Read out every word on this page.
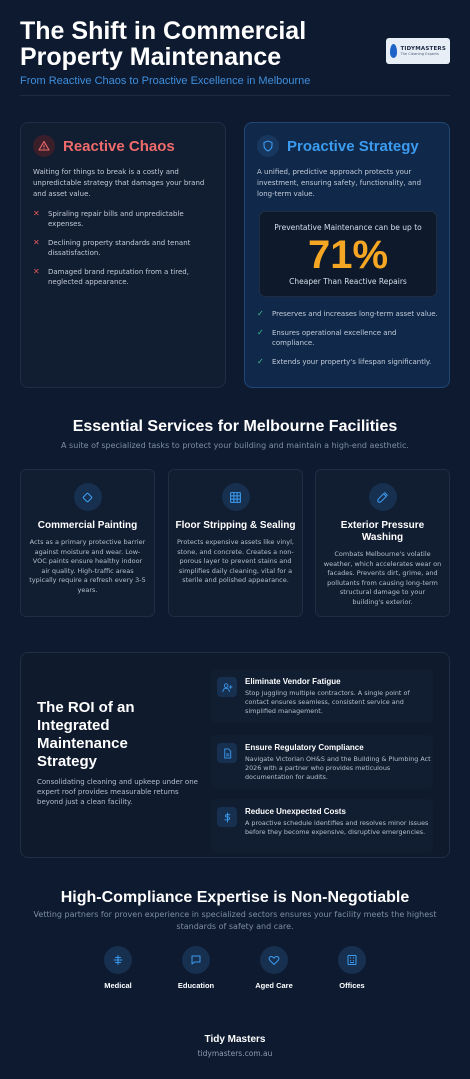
The Shift in Commercial Property Maintenance
From Reactive Chaos to Proactive Excellence in Melbourne
TIDYMASTERS
The Cleaning Experts
Reactive Chaos
Waiting for things to break is a costly and unpredictable strategy that damages your brand and asset value.
✕ Spiraling repair bills and unpredictable expenses.
✕ Declining property standards and tenant dissatisfaction.
✕ Damaged brand reputation from a tired, neglected appearance.
Proactive Strategy
A unified, predictive approach protects your investment, ensuring safety, functionality, and long-term value.
Preventative Maintenance can be up to
71%
Cheaper Than Reactive Repairs
✓ Preserves and increases long-term asset value.
✓ Ensures operational excellence and compliance.
✓ Extends your property's lifespan significantly.
Essential Services for Melbourne Facilities
A suite of specialized tasks to protect your building and maintain a high-end aesthetic.
Commercial Painting
Acts as a primary protective barrier against moisture and wear. Low-VOC paints ensure healthy indoor air quality. High-traffic areas typically require a refresh every 3-5 years.
Floor Stripping & Sealing
Protects expensive assets like vinyl, stone, and concrete. Creates a non-porous layer to prevent stains and simplifies daily cleaning, vital for a sterile and polished appearance.
Exterior Pressure Washing
Combats Melbourne's volatile weather, which accelerates wear on facades. Prevents dirt, grime, and pollutants from causing long-term structural damage to your building's exterior.
The ROI of an Integrated Maintenance Strategy
Consolidating cleaning and upkeep under one expert roof provides measurable returns beyond just a clean facility.
Eliminate Vendor Fatigue
Stop juggling multiple contractors. A single point of contact ensures seamless, consistent service and simplified management.
Ensure Regulatory Compliance
Navigate Victorian OH&S and the Building & Plumbing Act 2026 with a partner who provides meticulous documentation for audits.
Reduce Unexpected Costs
A proactive schedule identifies and resolves minor issues before they become expensive, disruptive emergencies.
High-Compliance Expertise is Non-Negotiable
Vetting partners for proven experience in specialized sectors ensures your facility meets the highest standards of safety and care.
Medical	Education	Aged Care	Offices
Tidy Masters
tidymasters.com.au
